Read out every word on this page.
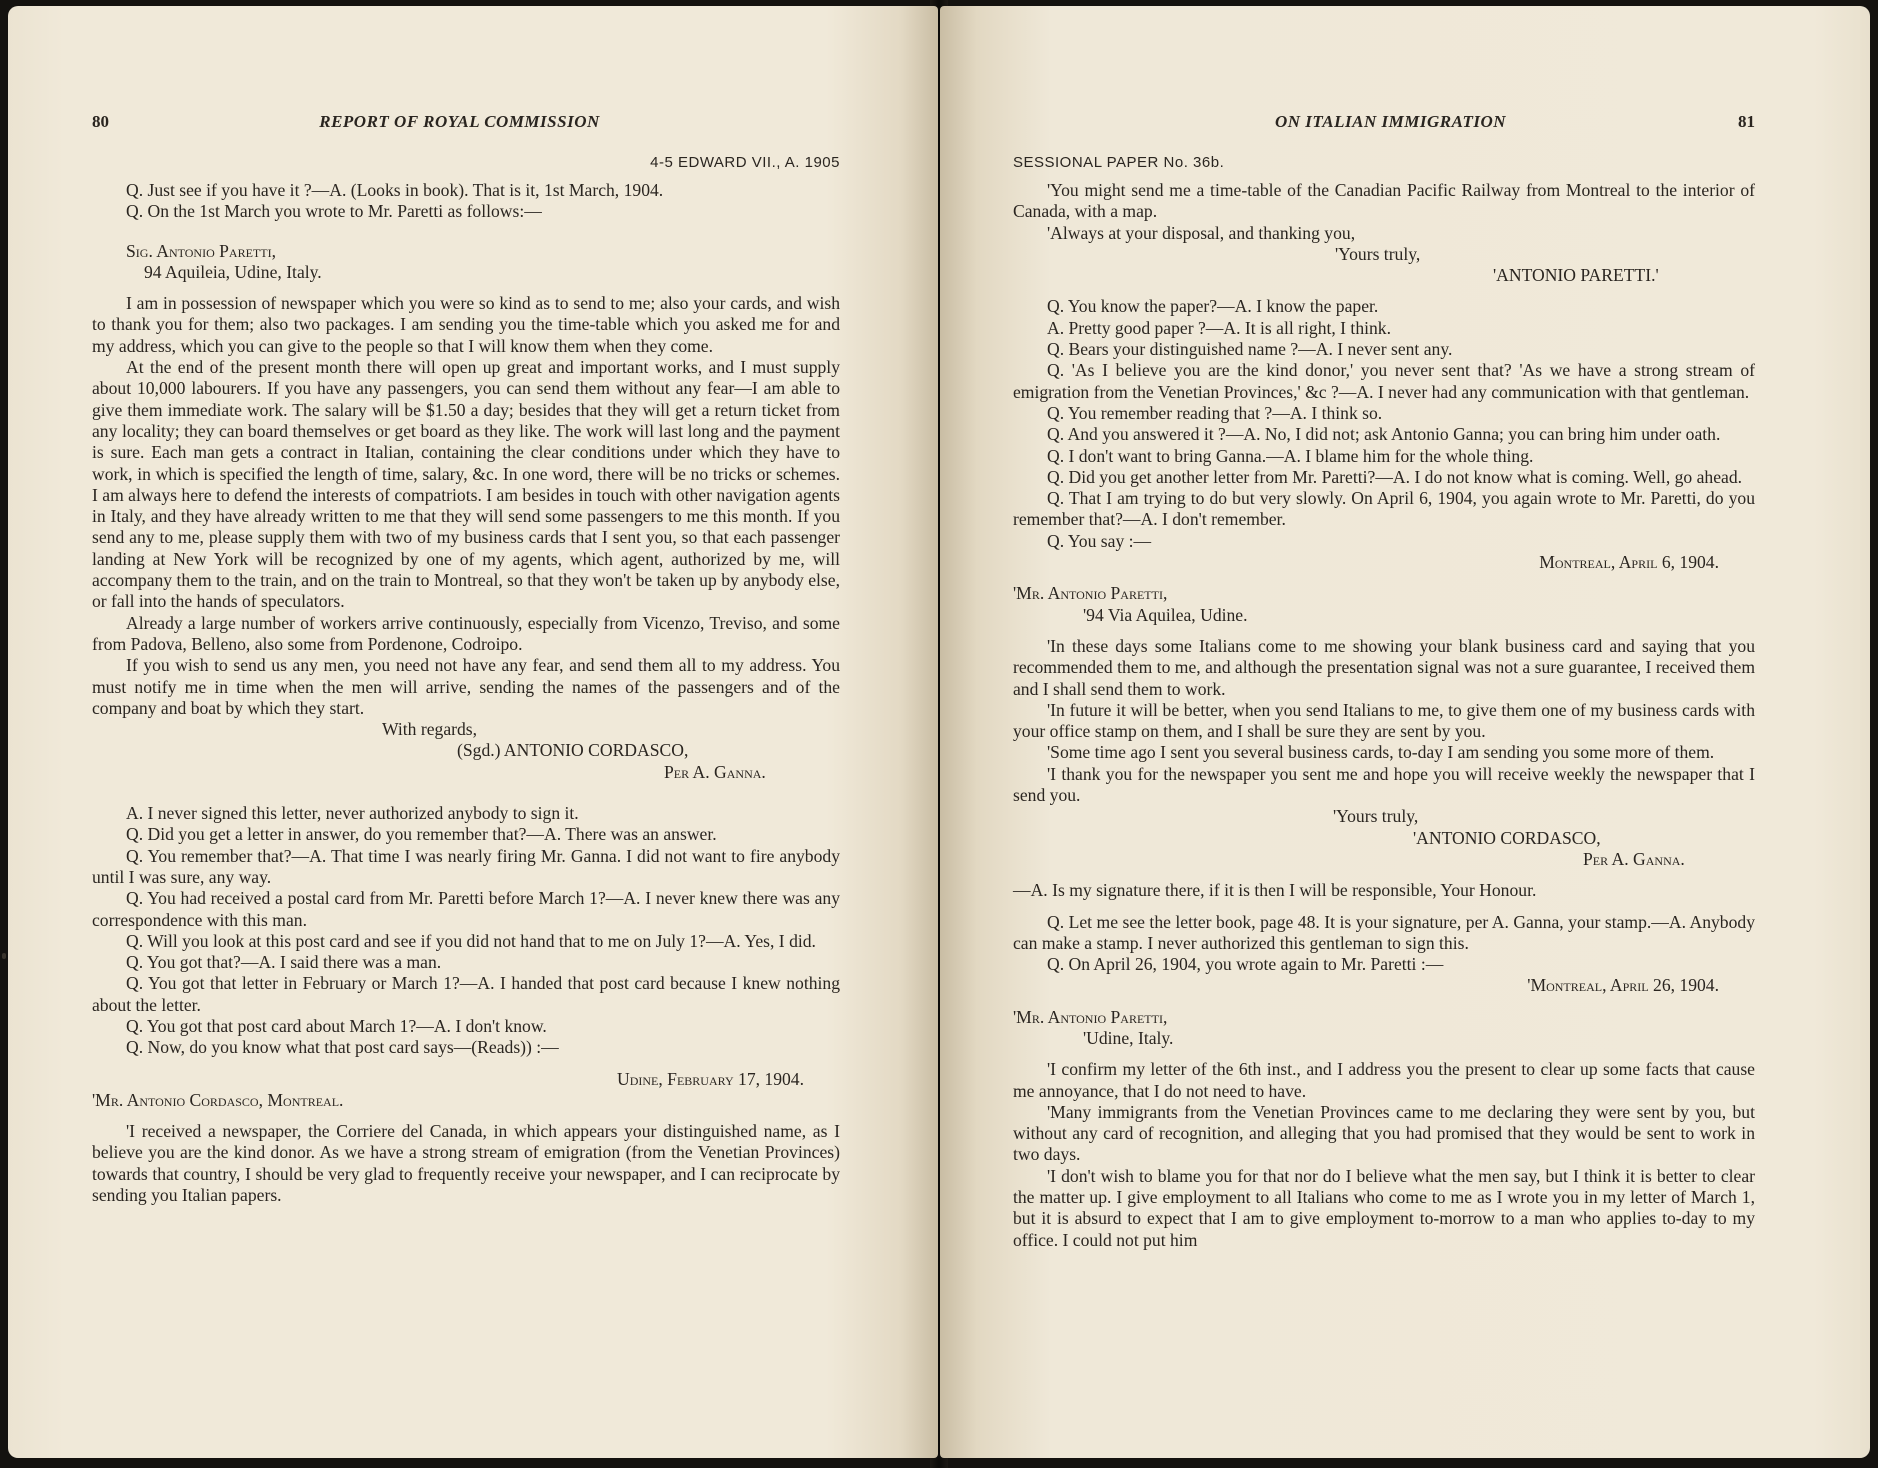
80	REPORT OF ROYAL COMMISSION
4-5 EDWARD VII., A. 1905

Q. Just see if you have it ?—A. (Looks in book). That is it, 1st March, 1904.

Q. On the 1st March you wrote to Mr. Paretti as follows:—

Sig. Antonio Paretti,

94 Aquileia, Udine, Italy.

I am in possession of newspaper which you were so kind as to send to me; also your cards, and wish to thank you for them; also two packages. I am sending you the time-table which you asked me for and my address, which you can give to the people so that I will know them when they come.

At the end of the present month there will open up great and important works, and I must supply about 10,000 labourers. If you have any passengers, you can send them without any fear—I am able to give them immediate work. The salary will be $1.50 a day; besides that they will get a return ticket from any locality; they can board themselves or get board as they like. The work will last long and the payment is sure. Each man gets a contract in Italian, containing the clear conditions under which they have to work, in which is specified the length of time, salary, &c. In one word, there will be no tricks or schemes. I am always here to defend the interests of compatriots. I am besides in touch with other navigation agents in Italy, and they have already written to me that they will send some passengers to me this month. If you send any to me, please supply them with two of my business cards that I sent you, so that each passenger landing at New York will be recognized by one of my agents, which agent, authorized by me, will accompany them to the train, and on the train to Montreal, so that they won't be taken up by anybody else, or fall into the hands of speculators.

Already a large number of workers arrive continuously, especially from Vicenzo, Treviso, and some from Padova, Belleno, also some from Pordenone, Codroipo.

If you wish to send us any men, you need not have any fear, and send them all to my address. You must notify me in time when the men will arrive, sending the names of the passengers and of the company and boat by which they start.

With regards,

(Sgd.) ANTONIO CORDASCO,

Per A. Ganna.

A. I never signed this letter, never authorized anybody to sign it.

Q. Did you get a letter in answer, do you remember that?—A. There was an answer.

Q. You remember that?—A. That time I was nearly firing Mr. Ganna. I did not want to fire anybody until I was sure, any way.

Q. You had received a postal card from Mr. Paretti before March 1?—A. I never knew there was any correspondence with this man.

Q. Will you look at this post card and see if you did not hand that to me on July 1?—A. Yes, I did.

Q. You got that?—A. I said there was a man.

Q. You got that letter in February or March 1?—A. I handed that post card because I knew nothing about the letter.

Q. You got that post card about March 1?—A. I don't know.

Q. Now, do you know what that post card says—(Reads)) :—

Udine, February 17, 1904.

'Mr. Antonio Cordasco, Montreal.

'I received a newspaper, the Corriere del Canada, in which appears your distinguished name, as I believe you are the kind donor. As we have a strong stream of emigration (from the Venetian Provinces) towards that country, I should be very glad to frequently receive your newspaper, and I can reciprocate by sending you Italian papers.

ON ITALIAN IMMIGRATION	81
SESSIONAL PAPER No. 36b.

'You might send me a time-table of the Canadian Pacific Railway from Montreal to the interior of Canada, with a map.

'Always at your disposal, and thanking you,

'Yours truly,

'ANTONIO PARETTI.'

Q. You know the paper?—A. I know the paper.

A. Pretty good paper ?—A. It is all right, I think.

Q. Bears your distinguished name ?—A. I never sent any.

Q. 'As I believe you are the kind donor,' you never sent that? 'As we have a strong stream of emigration from the Venetian Provinces,' &c ?—A. I never had any communication with that gentleman.

Q. You remember reading that ?—A. I think so.

Q. And you answered it ?—A. No, I did not; ask Antonio Ganna; you can bring him under oath.

Q. I don't want to bring Ganna.—A. I blame him for the whole thing.

Q. Did you get another letter from Mr. Paretti?—A. I do not know what is coming. Well, go ahead.

Q. That I am trying to do but very slowly. On April 6, 1904, you again wrote to Mr. Paretti, do you remember that?—A. I don't remember.

Q. You say :—

Montreal, April 6, 1904.

'Mr. Antonio Paretti,

'94 Via Aquilea, Udine.

'In these days some Italians come to me showing your blank business card and saying that you recommended them to me, and although the presentation signal was not a sure guarantee, I received them and I shall send them to work.

'In future it will be better, when you send Italians to me, to give them one of my business cards with your office stamp on them, and I shall be sure they are sent by you.

'Some time ago I sent you several business cards, to-day I am sending you some more of them.

'I thank you for the newspaper you sent me and hope you will receive weekly the newspaper that I send you.

'Yours truly,

'ANTONIO CORDASCO,

Per A. Ganna.

—A. Is my signature there, if it is then I will be responsible, Your Honour.

Q. Let me see the letter book, page 48. It is your signature, per A. Ganna, your stamp.—A. Anybody can make a stamp. I never authorized this gentleman to sign this.

Q. On April 26, 1904, you wrote again to Mr. Paretti :—

'Montreal, April 26, 1904.

'Mr. Antonio Paretti,

'Udine, Italy.

'I confirm my letter of the 6th inst., and I address you the present to clear up some facts that cause me annoyance, that I do not need to have.

'Many immigrants from the Venetian Provinces came to me declaring they were sent by you, but without any card of recognition, and alleging that you had promised that they would be sent to work in two days.

'I don't wish to blame you for that nor do I believe what the men say, but I think it is better to clear the matter up. I give employment to all Italians who come to me as I wrote you in my letter of March 1, but it is absurd to expect that I am to give employment to-morrow to a man who applies to-day to my office. I could not put him
